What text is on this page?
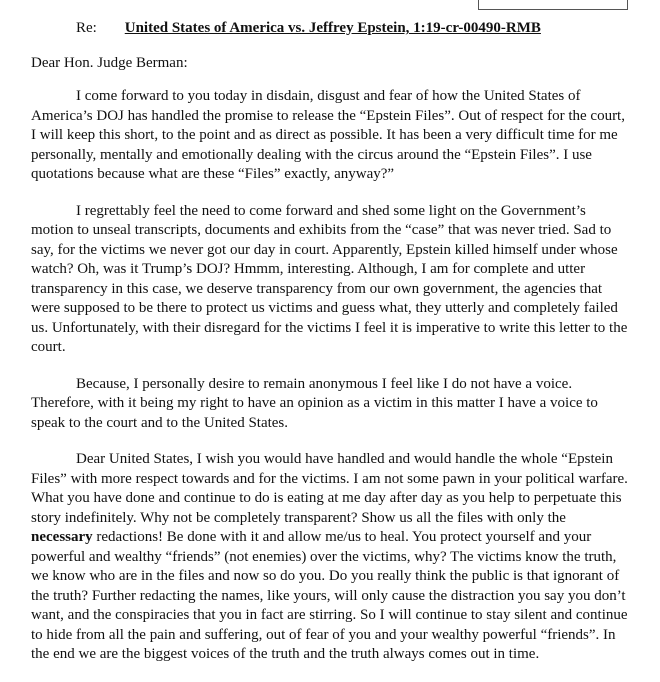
Re: United States of America vs. Jeffrey Epstein, 1:19-cr-00490-RMB
Dear Hon. Judge Berman:

I come forward to you today in disdain, disgust and fear of how the United States of America’s DOJ has handled the promise to release the “Epstein Files”. Out of respect for the court, I will keep this short, to the point and as direct as possible. It has been a very difficult time for me personally, mentally and emotionally dealing with the circus around the “Epstein Files”. I use quotations because what are these “Files” exactly, anyway?”

I regrettably feel the need to come forward and shed some light on the Government’s motion to unseal transcripts, documents and exhibits from the “case” that was never tried. Sad to say, for the victims we never got our day in court. Apparently, Epstein killed himself under whose watch? Oh, was it Trump’s DOJ? Hmmm, interesting. Although, I am for complete and utter transparency in this case, we deserve transparency from our own government, the agencies that were supposed to be there to protect us victims and guess what, they utterly and completely failed us. Unfortunately, with their disregard for the victims I feel it is imperative to write this letter to the court.

Because, I personally desire to remain anonymous I feel like I do not have a voice. Therefore, with it being my right to have an opinion as a victim in this matter I have a voice to speak to the court and to the United States.

Dear United States, I wish you would have handled and would handle the whole “Epstein Files” with more respect towards and for the victims. I am not some pawn in your political warfare. What you have done and continue to do is eating at me day after day as you help to perpetuate this story indefinitely. Why not be completely transparent? Show us all the files with only the necessary redactions! Be done with it and allow me/us to heal. You protect yourself and your powerful and wealthy “friends” (not enemies) over the victims, why? The victims know the truth, we know who are in the files and now so do you. Do you really think the public is that ignorant of the truth? Further redacting the names, like yours, will only cause the distraction you say you don’t want, and the conspiracies that you in fact are stirring. So I will continue to stay silent and continue to hide from all the pain and suffering, out of fear of you and your wealthy powerful “friends”. In the end we are the biggest voices of the truth and the truth always comes out in time.
